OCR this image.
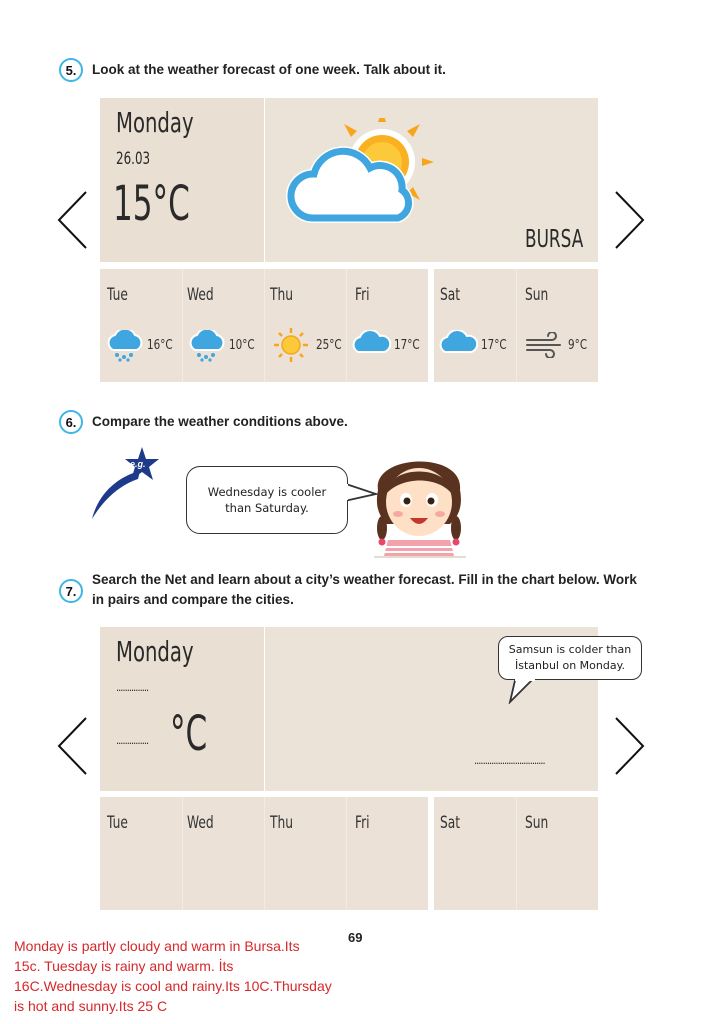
5.	Look at the weather forecast of one week. Talk about it.
Monday
26.03
15°C
BURSA
Tue	Wed	Thu	Fri	Sat	Sun
16°C	10°C	25°C	17°C	17°C	9°C
6.	Compare the weather conditions above.
e.g.
Wednesday is cooler
than Saturday.
7.
Search the Net and learn about a city’s weather forecast. Fill in the chart below. Work
in pairs and compare the cities.
Monday
...............
............... °C	.................................
Samsun is colder than
İstanbul on Monday.
Tue	Wed	Thu	Fri	Sat	Sun
69
Monday is partly cloudy and warm in Bursa.Its
15c. Tuesday is rainy and warm. İts
16C.Wednesday is cool and rainy.Its 10C.Thursday
is hot and sunny.Its 25 C
